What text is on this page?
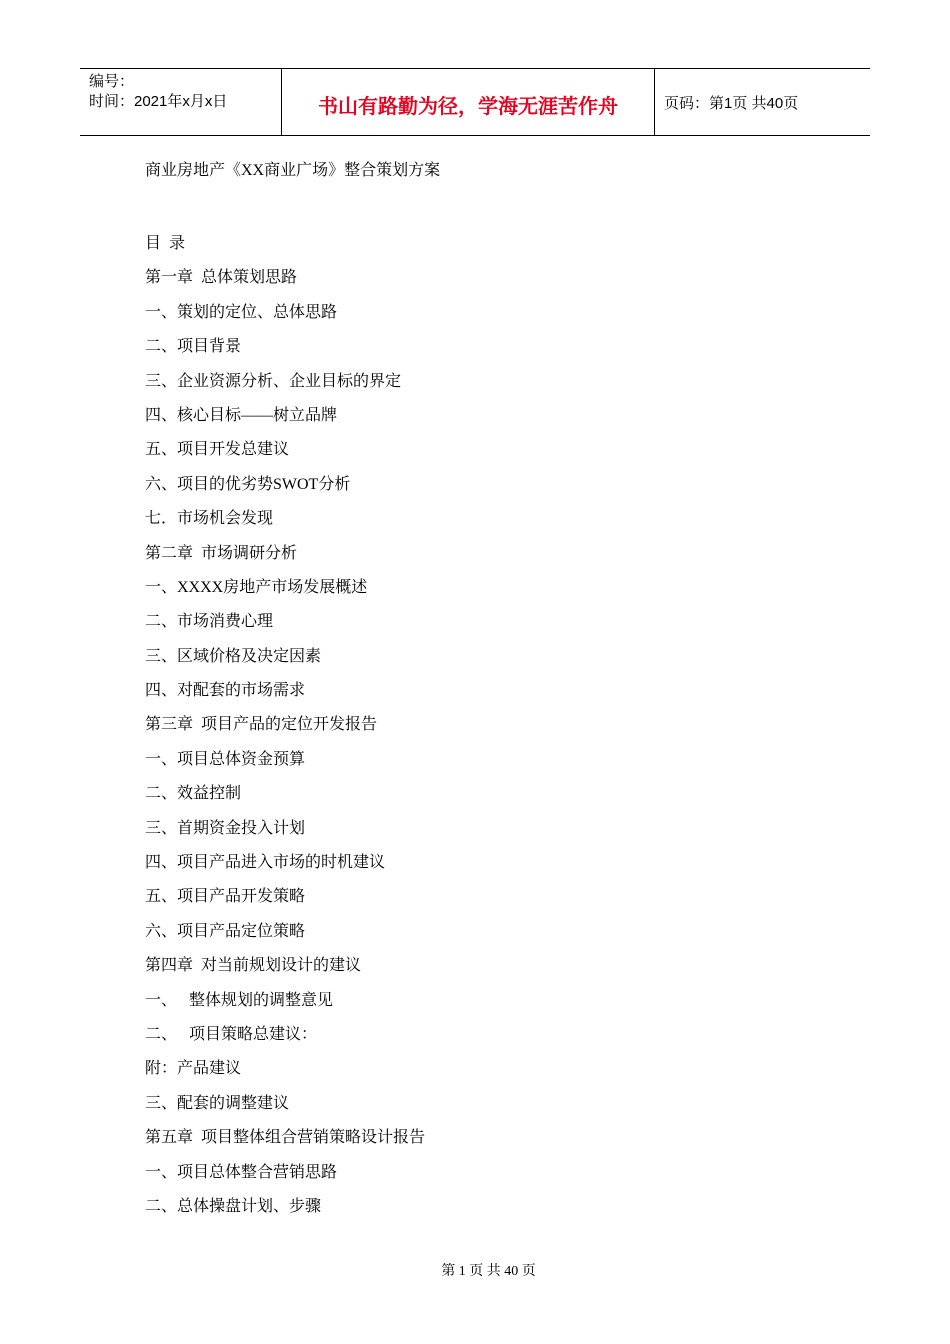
编号：
时间：2021年x月x日	书山有路勤为径，学海无涯苦作舟	页码：第1页 共40页
商业房地产《XX商业广场》整合策划方案
目  录
第一章  总体策划思路
一、策划的定位、总体思路
二、项目背景
三、企业资源分析、企业目标的界定
四、核心目标——树立品牌
五、项目开发总建议
六、项目的优劣势SWOT分析
七．市场机会发现
第二章  市场调研分析
一、XXXX房地产市场发展概述
二、市场消费心理
三、区域价格及决定因素
四、对配套的市场需求
第三章  项目产品的定位开发报告
一、项目总体资金预算
二、效益控制
三、首期资金投入计划
四、项目产品进入市场的时机建议
五、项目产品开发策略
六、项目产品定位策略
第四章  对当前规划设计的建议
一、   整体规划的调整意见
二、   项目策略总建议：
附：产品建议
三、配套的调整建议
第五章  项目整体组合营销策略设计报告
一、项目总体整合营销思路
二、总体操盘计划、步骤

第 1 页 共 40 页
